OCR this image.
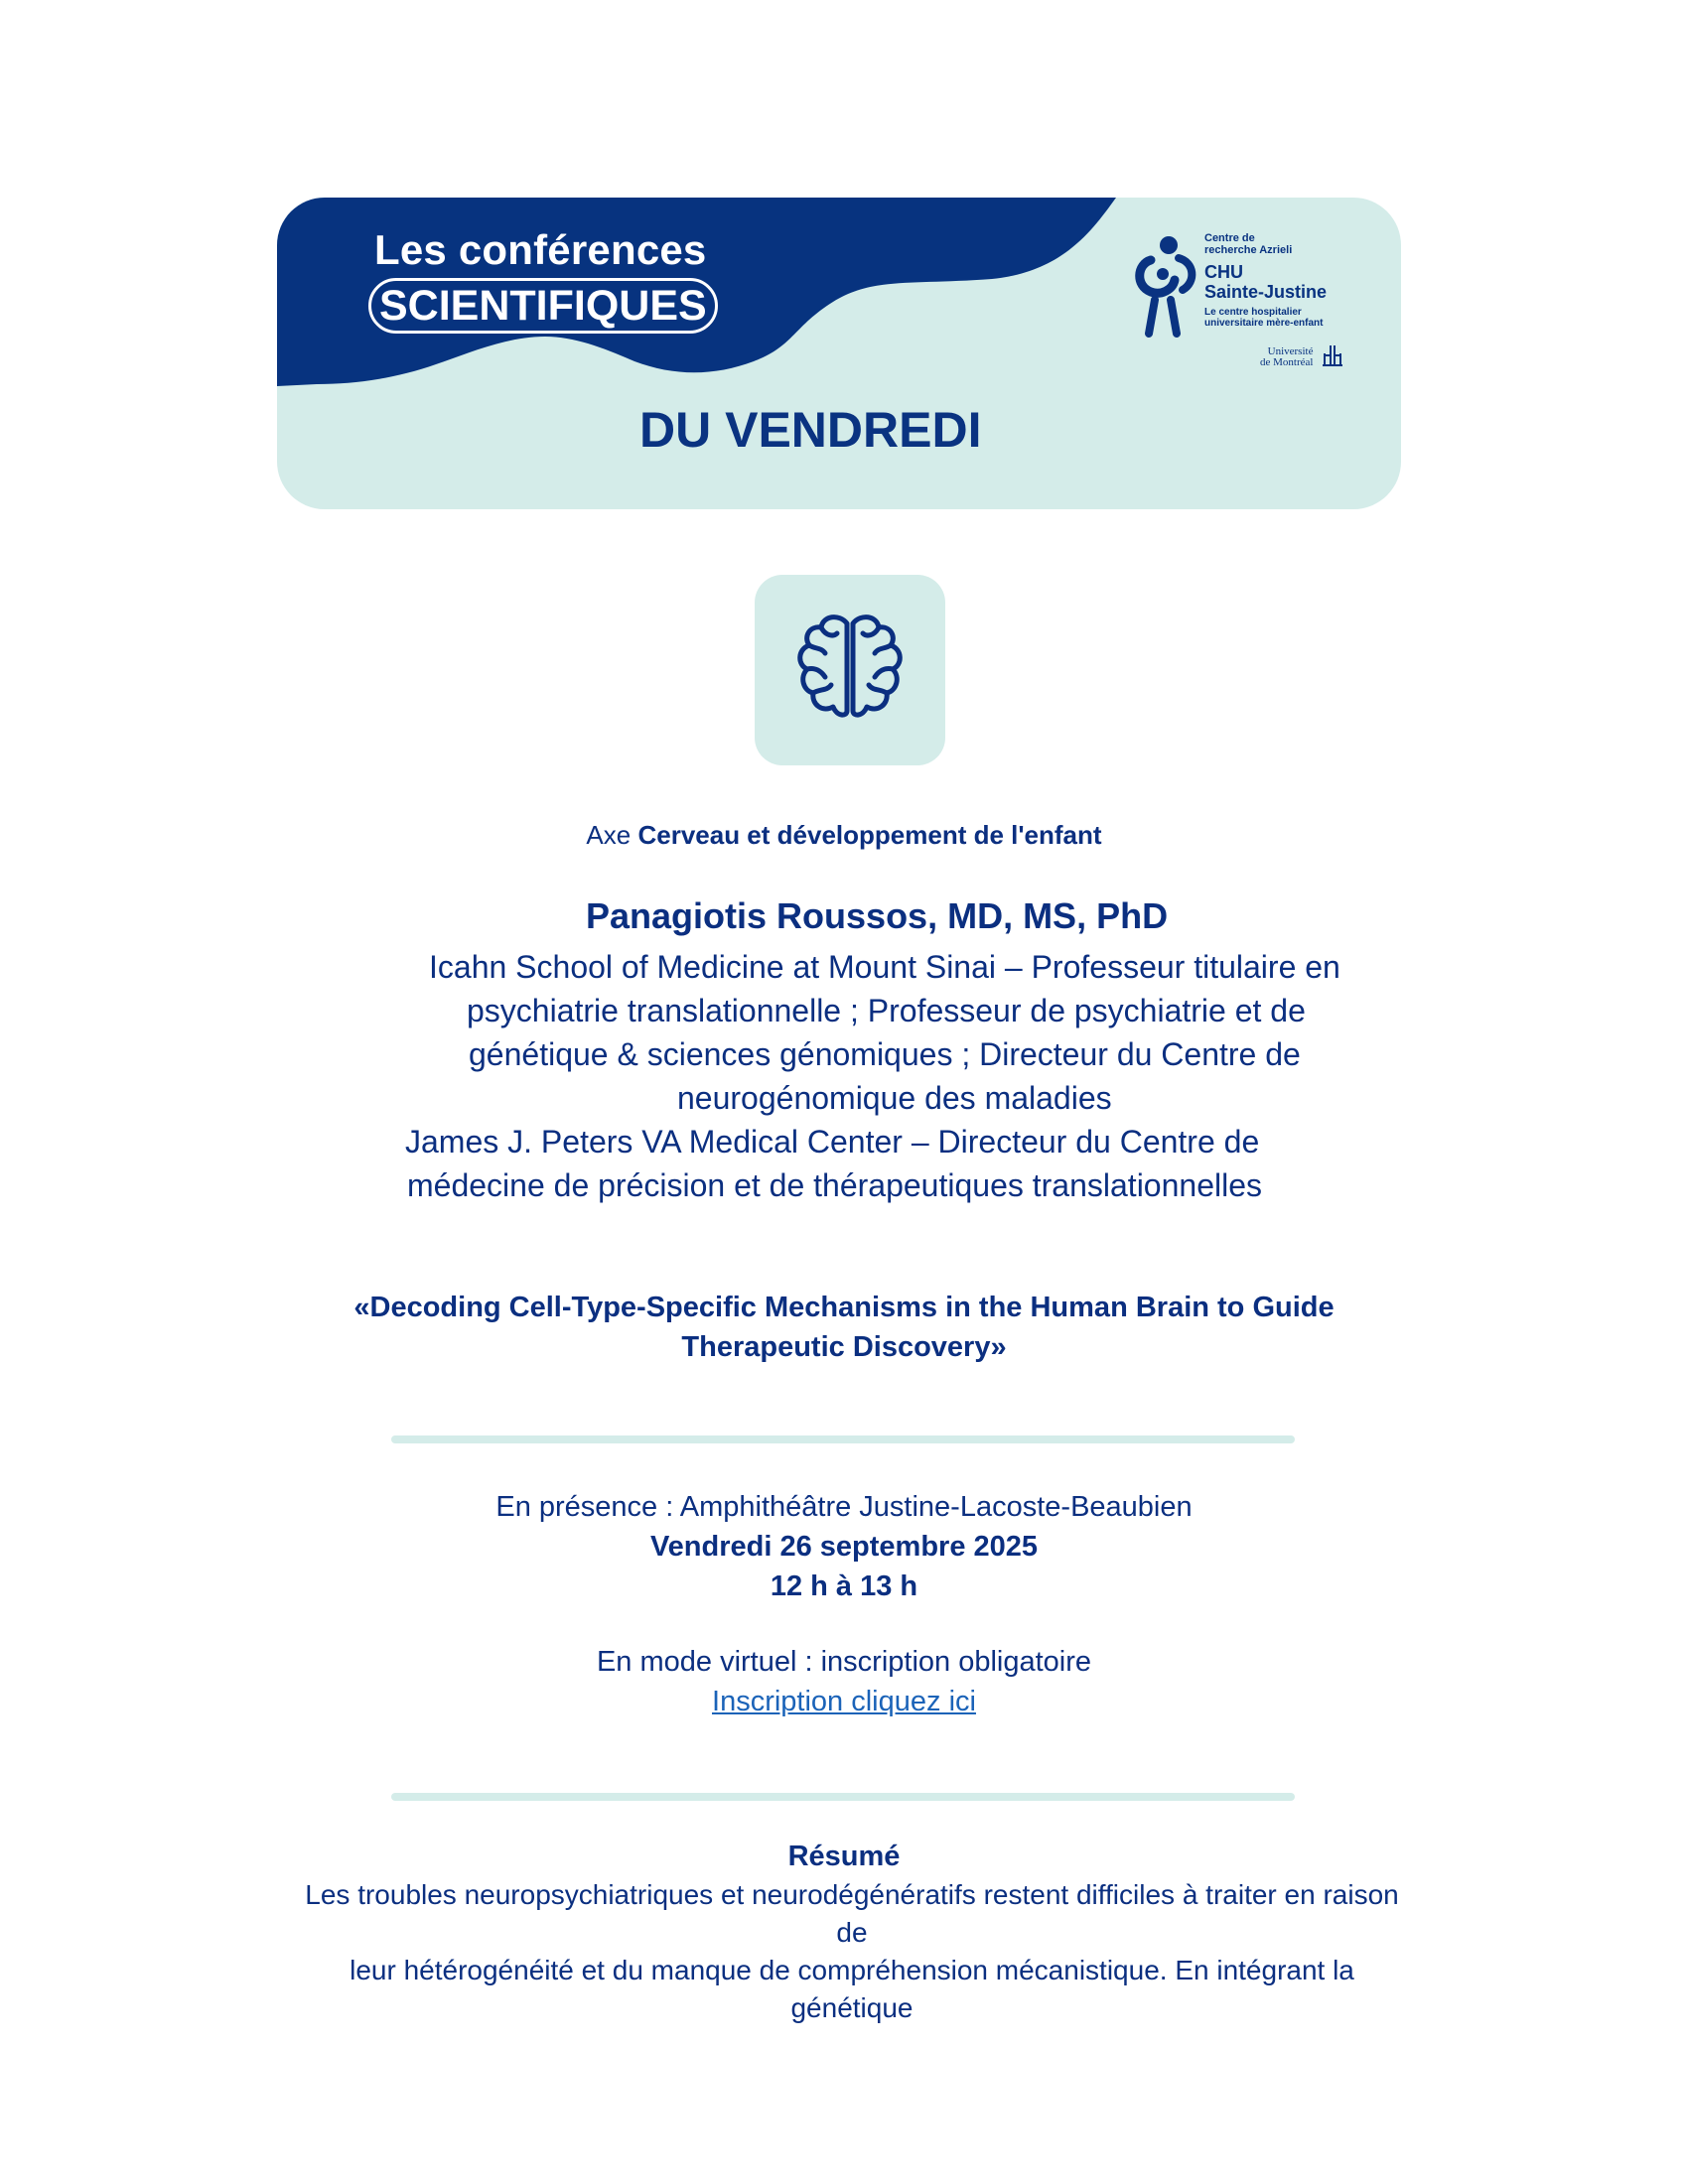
Les conférences
SCIENTIFIQUES
DU VENDREDI
Centre de
recherche Azrieli
CHU
Sainte-Justine
Le centre hospitalier
universitaire mère-enfant
Université
de Montréal
Axe Cerveau et développement de l'enfant
Panagiotis Roussos, MD, MS, PhD
Icahn School of Medicine at Mount Sinai – Professeur titulaire en
psychiatrie translationnelle ; Professeur de psychiatrie et de
génétique & sciences génomiques ; Directeur du Centre de
neurogénomique des maladies
James J. Peters VA Medical Center – Directeur du Centre de
médecine de précision et de thérapeutiques translationnelles
«Decoding Cell-Type-Specific Mechanisms in the Human Brain to Guide
Therapeutic Discovery»
En présence : Amphithéâtre Justine-Lacoste-Beaubien
Vendredi 26 septembre 2025
12 h à 13 h
En mode virtuel : inscription obligatoire
Inscription cliquez ici
Résumé
Les troubles neuropsychiatriques et neurodégénératifs restent difficiles à traiter en raison de
leur hétérogénéité et du manque de compréhension mécanistique. En intégrant la génétique
